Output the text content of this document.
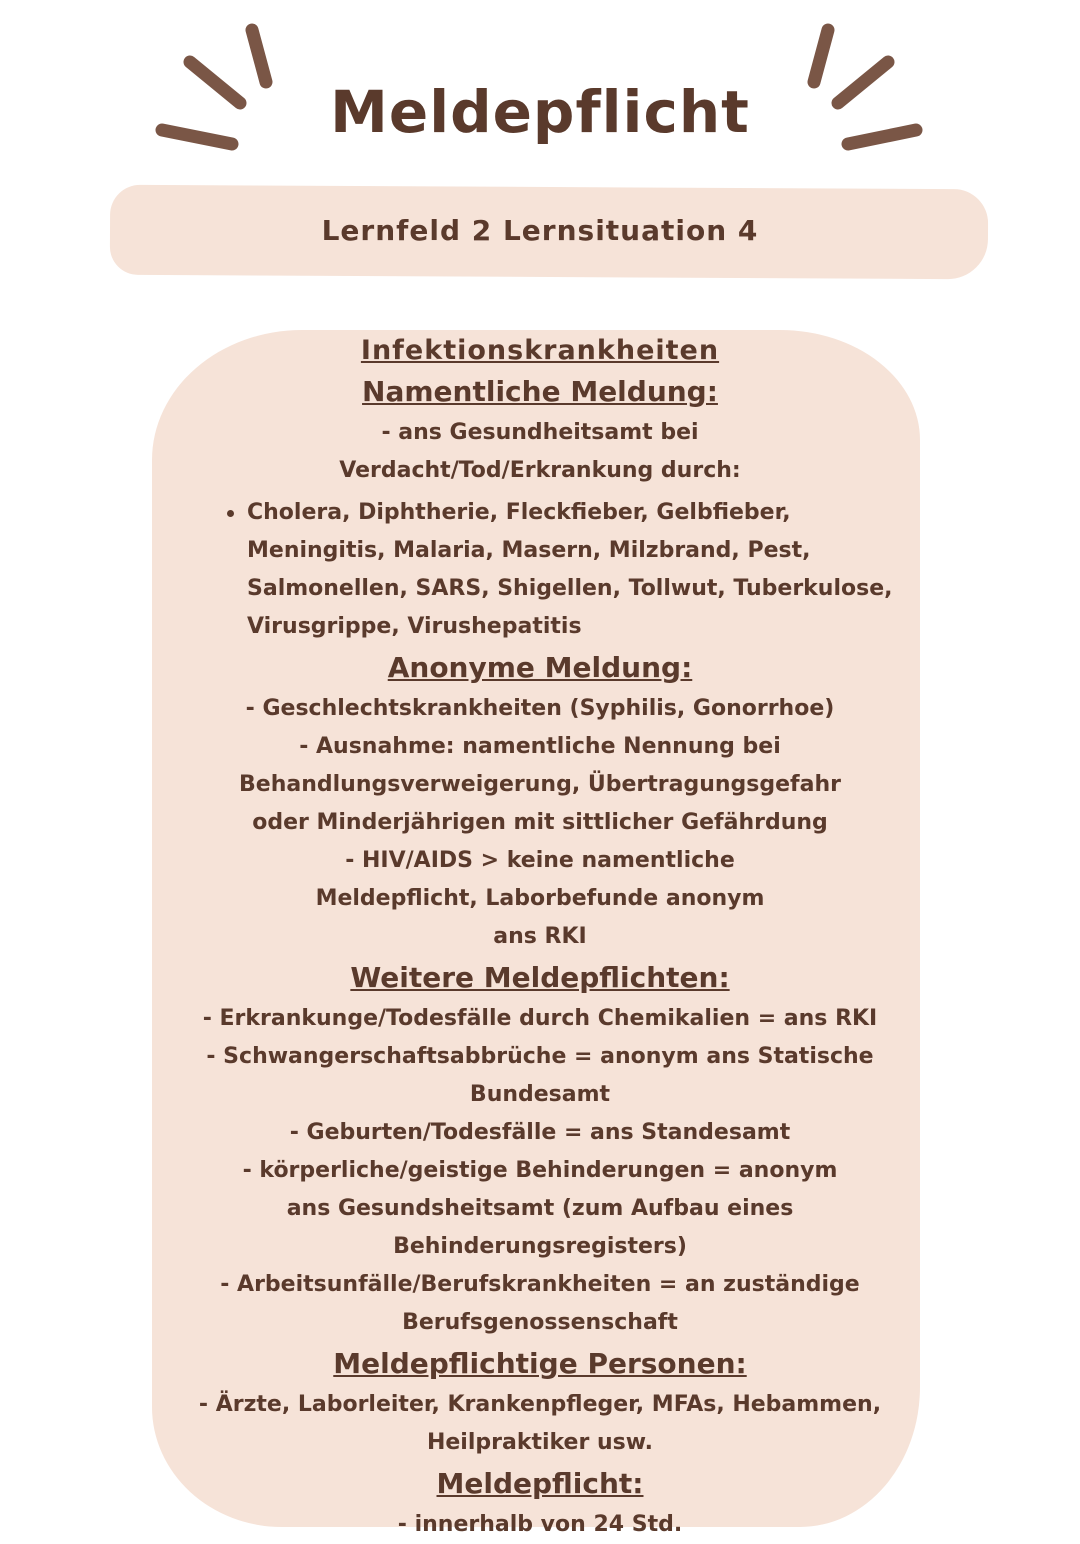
Meldepflicht
Lernfeld 2 Lernsituation 4

Infektionskrankheiten

Namentliche Meldung:

- ans Gesundheitsamt bei Verdacht/Tod/Erkrankung durch:

Cholera, Diphtherie, Fleckfieber, Gelbfieber, Meningitis, Malaria, Masern, Milzbrand, Pest, Salmonellen, SARS, Shigellen, Tollwut, Tuberkulose, Virusgrippe, Virushepatitis

Anonyme Meldung:

- Geschlechtskrankheiten (Syphilis, Gonorrhoe)

- Ausnahme: namentliche Nennung bei Behandlungsverweigerung, Übertragungsgefahr oder Minderjährigen mit sittlicher Gefährdung

- HIV/AIDS > keine namentliche Meldepflicht, Laborbefunde anonym ans RKI

Weitere Meldepflichten:

- Erkrankunge/Todesfälle durch Chemikalien = ans RKI

- Schwangerschaftsabbrüche = anonym ans Statische Bundesamt

- Geburten/Todesfälle = ans Standesamt

- körperliche/geistige Behinderungen = anonym ans Gesundsheitsamt (zum Aufbau eines Behinderungsregisters)

- Arbeitsunfälle/Berufskrankheiten = an zuständige Berufsgenossenschaft

Meldepflichtige Personen:

- Ärzte, Laborleiter, Krankenpfleger, MFAs, Hebammen, Heilpraktiker usw.

Meldepflicht:

- innerhalb von 24 Std.
